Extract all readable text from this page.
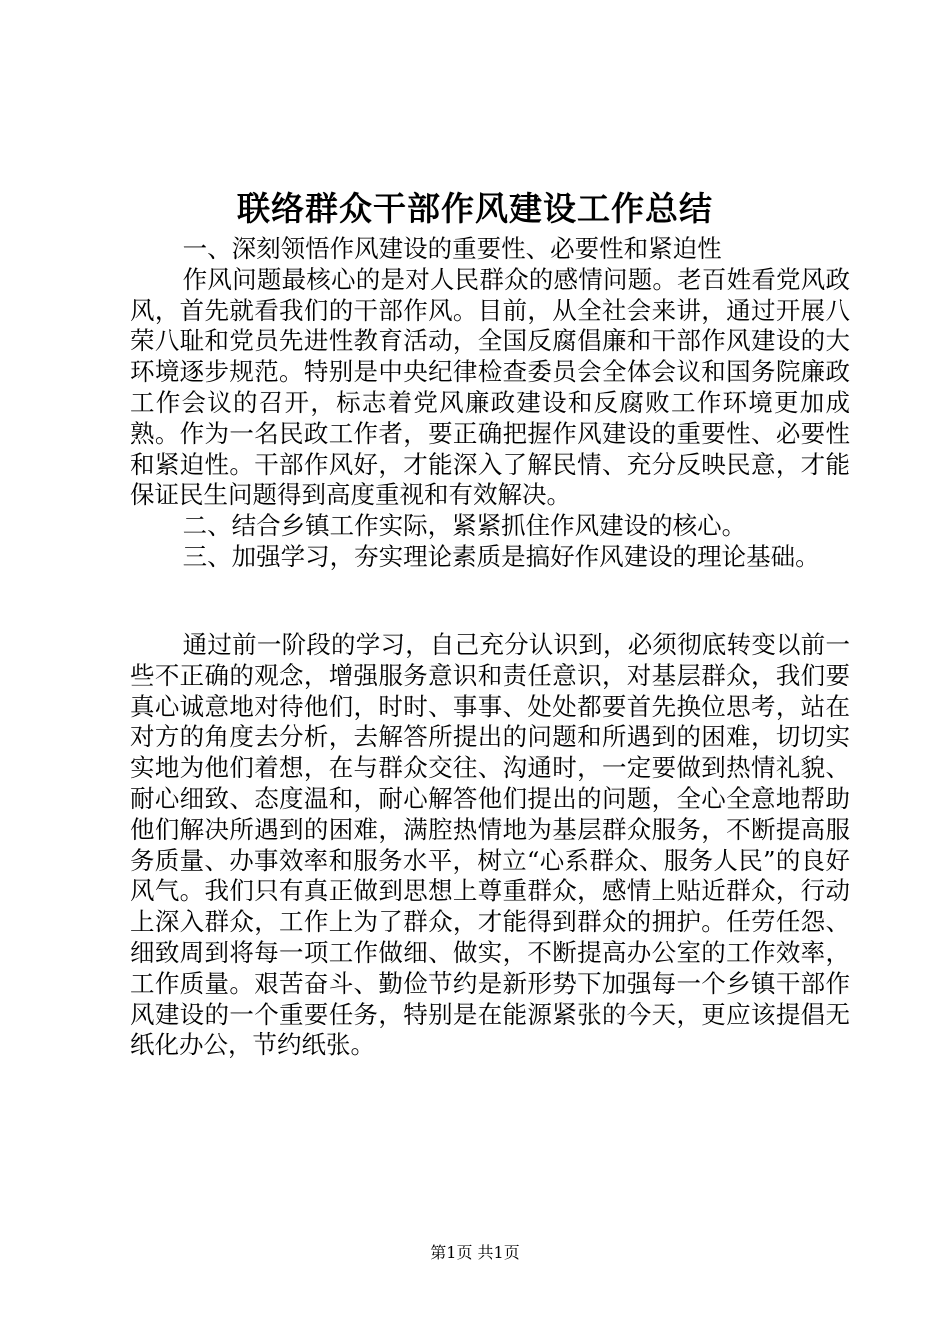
联络群众干部作风建设工作总结

一、深刻领悟作风建设的重要性、必要性和紧迫性

作风问题最核心的是对人民群众的感情问题。老百姓看党风政风，首先就看我们的干部作风。目前，从全社会来讲，通过开展八荣八耻和党员先进性教育活动，全国反腐倡廉和干部作风建设的大环境逐步规范。特别是中央纪律检查委员会全体会议和国务院廉政工作会议的召开，标志着党风廉政建设和反腐败工作环境更加成熟。作为一名民政工作者，要正确把握作风建设的重要性、必要性和紧迫性。干部作风好，才能深入了解民情、充分反映民意，才能保证民生问题得到高度重视和有效解决。

二、结合乡镇工作实际，紧紧抓住作风建设的核心。

三、加强学习，夯实理论素质是搞好作风建设的理论基础。

通过前一阶段的学习，自己充分认识到，必须彻底转变以前一些不正确的观念，增强服务意识和责任意识，对基层群众，我们要真心诚意地对待他们，时时、事事、处处都要首先换位思考，站在对方的角度去分析，去解答所提出的问题和所遇到的困难，切切实实地为他们着想，在与群众交往、沟通时，一定要做到热情礼貌、耐心细致、态度温和，耐心解答他们提出的问题，全心全意地帮助他们解决所遇到的困难，满腔热情地为基层群众服务，不断提高服务质量、办事效率和服务水平，树立“心系群众、服务人民”的良好风气。我们只有真正做到思想上尊重群众，感情上贴近群众，行动上深入群众，工作上为了群众，才能得到群众的拥护。任劳任怨、细致周到将每一项工作做细、做实，不断提高办公室的工作效率，工作质量。艰苦奋斗、勤俭节约是新形势下加强每一个乡镇干部作风建设的一个重要任务，特别是在能源紧张的今天，更应该提倡无纸化办公，节约纸张。

第1页 共1页
